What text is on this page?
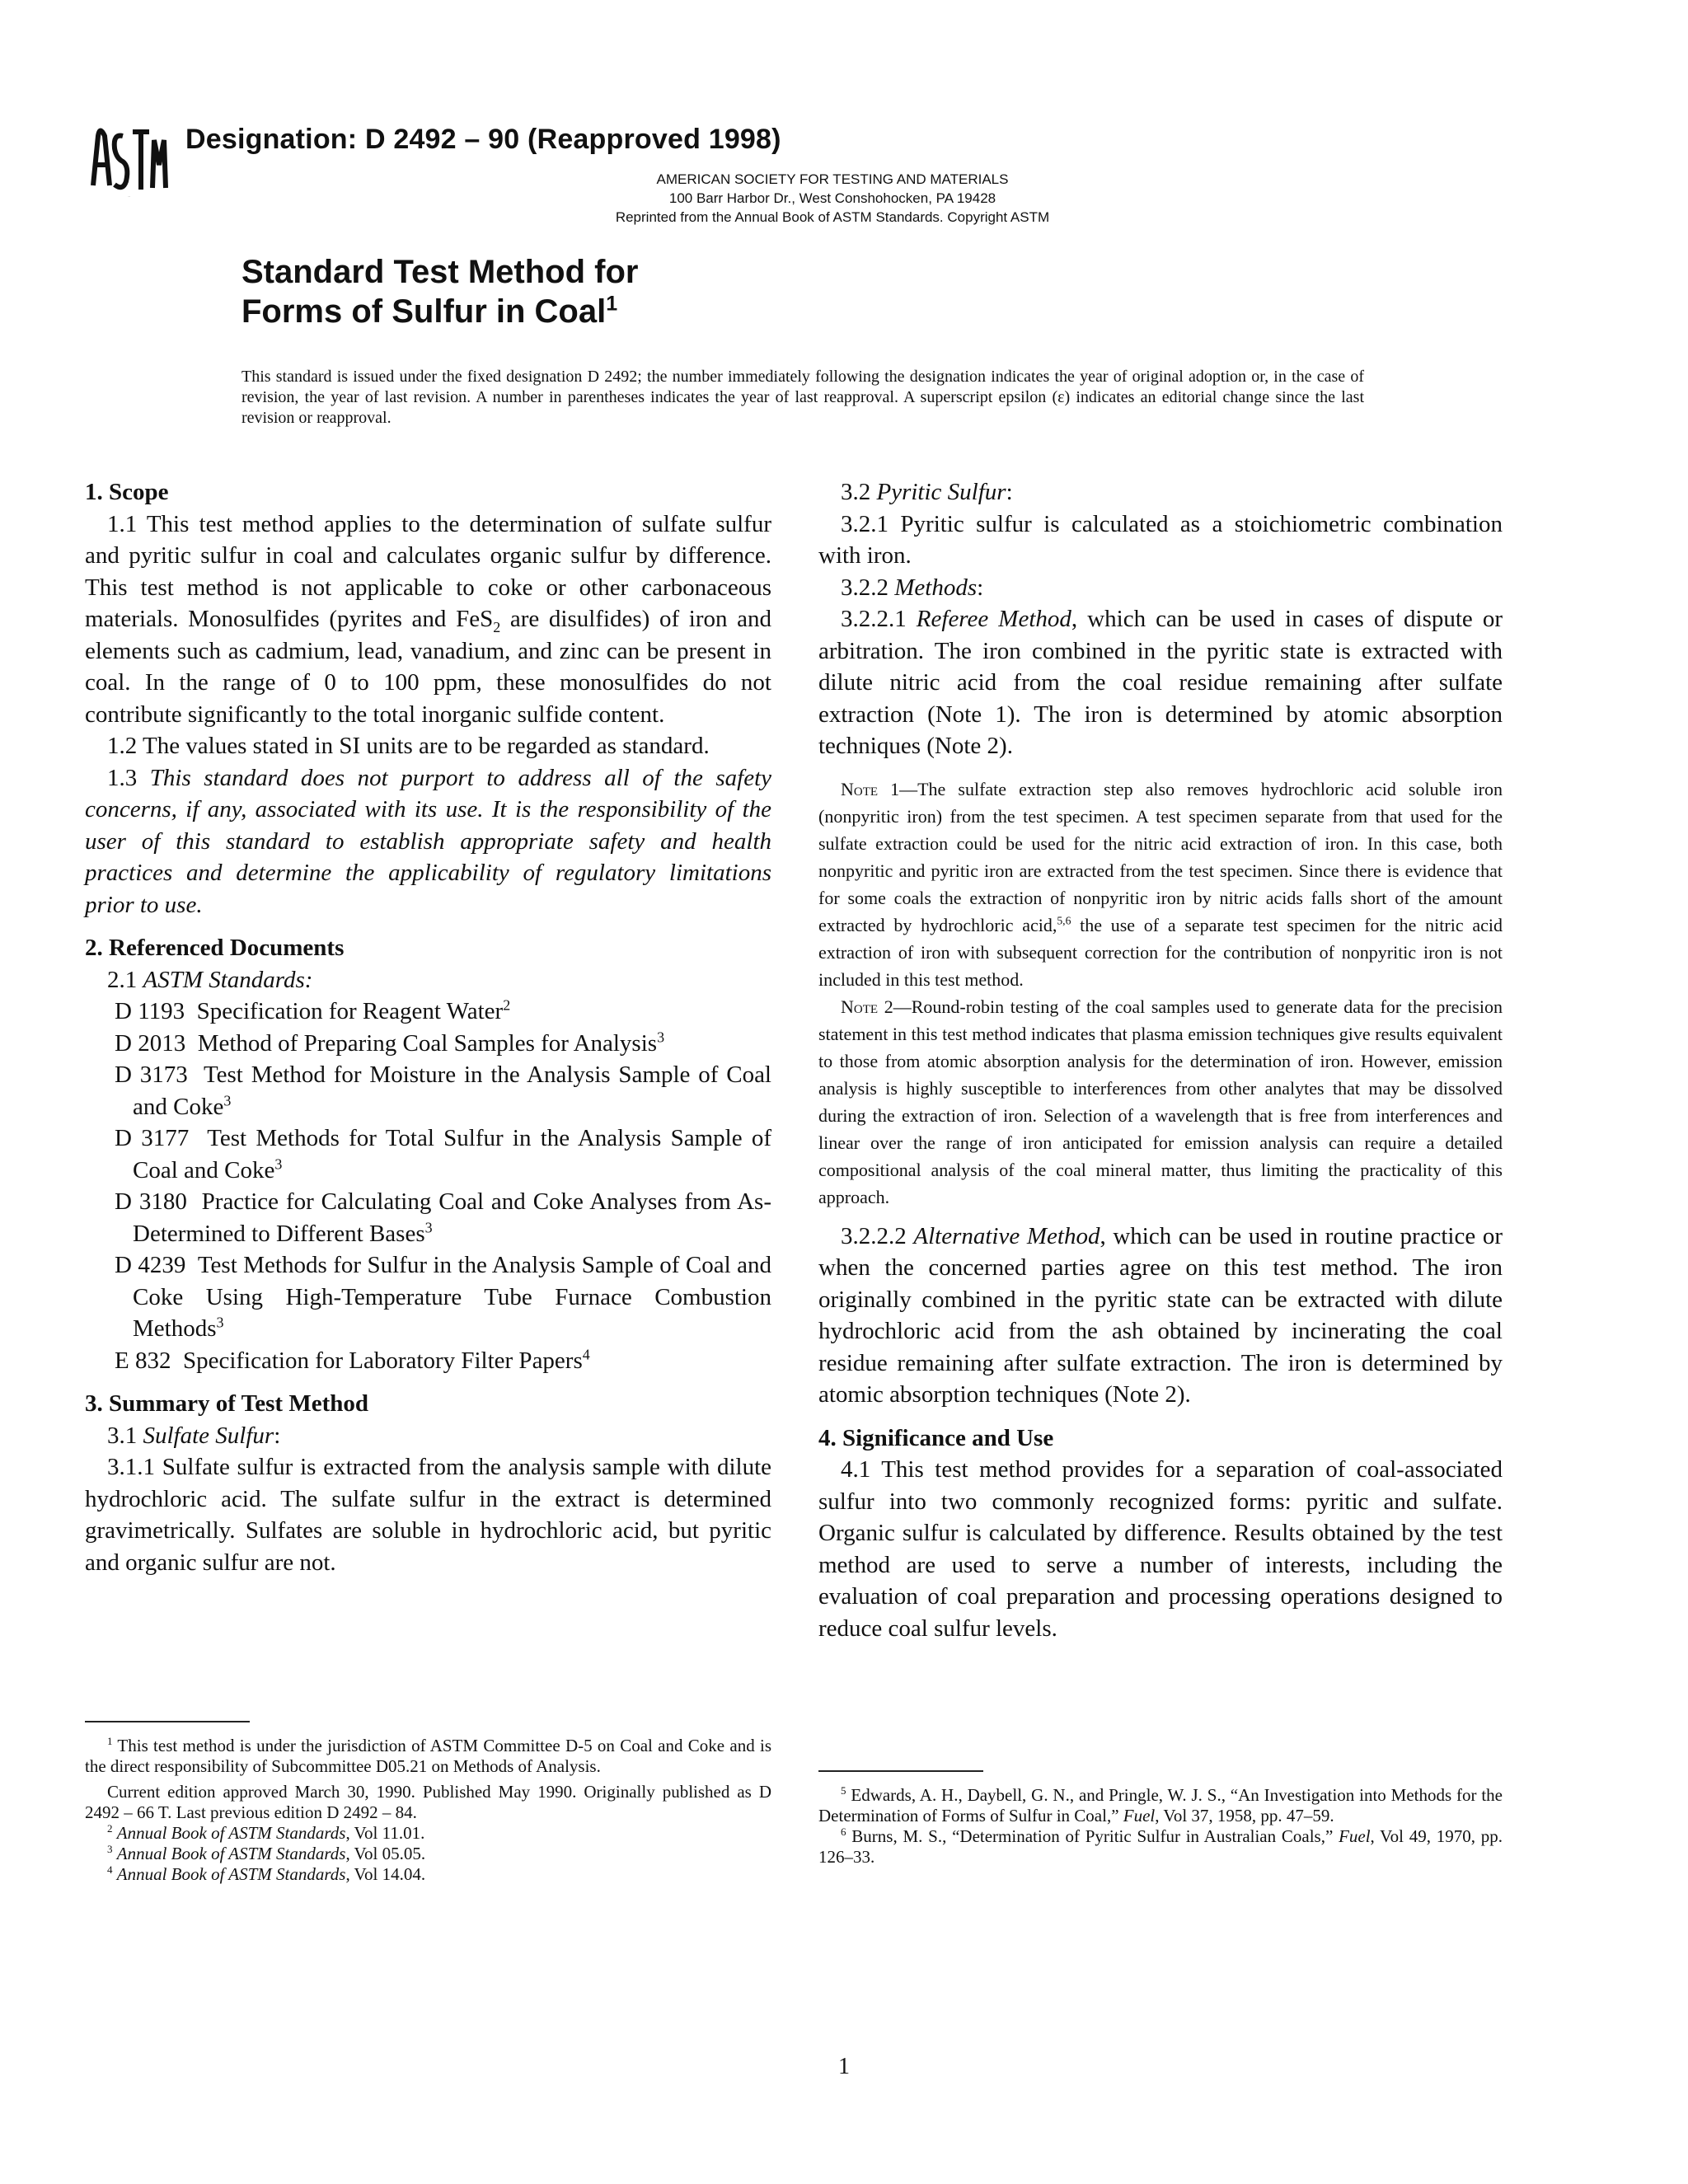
ASTM
Designation: D 2492 – 90 (Reapproved 1998)
AMERICAN SOCIETY FOR TESTING AND MATERIALS
100 Barr Harbor Dr., West Conshohocken, PA 19428
Reprinted from the Annual Book of ASTM Standards. Copyright ASTM
Standard Test Method for
Forms of Sulfur in Coal$^1$
This standard is issued under the fixed designation D 2492; the number immediately following the designation indicates the year of original adoption or, in the case of revision, the year of last revision. A number in parentheses indicates the year of last reapproval. A superscript epsilon (ε) indicates an editorial change since the last revision or reapproval.
1. Scope

1.1 This test method applies to the determination of sulfate sulfur and pyritic sulfur in coal and calculates organic sulfur by difference. This test method is not applicable to coke or other carbonaceous materials. Monosulfides (pyrites and FeS$_2$ are disulfides) of iron and elements such as cadmium, lead, vanadium, and zinc can be present in coal. In the range of 0 to 100 ppm, these monosulfides do not contribute significantly to the total inorganic sulfide content.

1.2 The values stated in SI units are to be regarded as standard.

1.3 This standard does not purport to address all of the safety concerns, if any, associated with its use. It is the responsibility of the user of this standard to establish appropriate safety and health practices and determine the applicability of regulatory limitations prior to use.

2. Referenced Documents

2.1 ASTM Standards:

D 1193  Specification for Reagent Water$^2$

D 2013  Method of Preparing Coal Samples for Analysis$^3$

D 3173  Test Method for Moisture in the Analysis Sample of Coal and Coke$^3$

D 3177  Test Methods for Total Sulfur in the Analysis Sample of Coal and Coke$^3$

D 3180  Practice for Calculating Coal and Coke Analyses from As-Determined to Different Bases$^3$

D 4239  Test Methods for Sulfur in the Analysis Sample of Coal and Coke Using High-Temperature Tube Furnace Combustion Methods$^3$

E 832  Specification for Laboratory Filter Papers$^4$

3. Summary of Test Method

3.1 Sulfate Sulfur:

3.1.1 Sulfate sulfur is extracted from the analysis sample with dilute hydrochloric acid. The sulfate sulfur in the extract is determined gravimetrically. Sulfates are soluble in hydrochloric acid, but pyritic and organic sulfur are not.

$^1$ This test method is under the jurisdiction of ASTM Committee D-5 on Coal and Coke and is the direct responsibility of Subcommittee D05.21 on Methods of Analysis.

Current edition approved March 30, 1990. Published May 1990. Originally published as D 2492 – 66 T. Last previous edition D 2492 – 84.

$^2$ Annual Book of ASTM Standards, Vol 11.01.

$^3$ Annual Book of ASTM Standards, Vol 05.05.

$^4$ Annual Book of ASTM Standards, Vol 14.04.

3.2 Pyritic Sulfur:

3.2.1 Pyritic sulfur is calculated as a stoichiometric combination with iron.

3.2.2 Methods:

3.2.2.1 Referee Method, which can be used in cases of dispute or arbitration. The iron combined in the pyritic state is extracted with dilute nitric acid from the coal residue remaining after sulfate extraction (Note 1). The iron is determined by atomic absorption techniques (Note 2).

Note 1—The sulfate extraction step also removes hydrochloric acid soluble iron (nonpyritic iron) from the test specimen. A test specimen separate from that used for the sulfate extraction could be used for the nitric acid extraction of iron. In this case, both nonpyritic and pyritic iron are extracted from the test specimen. Since there is evidence that for some coals the extraction of nonpyritic iron by nitric acids falls short of the amount extracted by hydrochloric acid,$^{5,6}$ the use of a separate test specimen for the nitric acid extraction of iron with subsequent correction for the contribution of nonpyritic iron is not included in this test method.

Note 2—Round-robin testing of the coal samples used to generate data for the precision statement in this test method indicates that plasma emission techniques give results equivalent to those from atomic absorption analysis for the determination of iron. However, emission analysis is highly susceptible to interferences from other analytes that may be dissolved during the extraction of iron. Selection of a wavelength that is free from interferences and linear over the range of iron anticipated for emission analysis can require a detailed compositional analysis of the coal mineral matter, thus limiting the practicality of this approach.

3.2.2.2 Alternative Method, which can be used in routine practice or when the concerned parties agree on this test method. The iron originally combined in the pyritic state can be extracted with dilute hydrochloric acid from the ash obtained by incinerating the coal residue remaining after sulfate extraction. The iron is determined by atomic absorption techniques (Note 2).

4. Significance and Use

4.1 This test method provides for a separation of coal-associated sulfur into two commonly recognized forms: pyritic and sulfate. Organic sulfur is calculated by difference. Results obtained by the test method are used to serve a number of interests, including the evaluation of coal preparation and processing operations designed to reduce coal sulfur levels.

$^5$ Edwards, A. H., Daybell, G. N., and Pringle, W. J. S., “An Investigation into Methods for the Determination of Forms of Sulfur in Coal,” Fuel, Vol 37, 1958, pp. 47–59.

$^6$ Burns, M. S., “Determination of Pyritic Sulfur in Australian Coals,” Fuel, Vol 49, 1970, pp. 126–33.

1
